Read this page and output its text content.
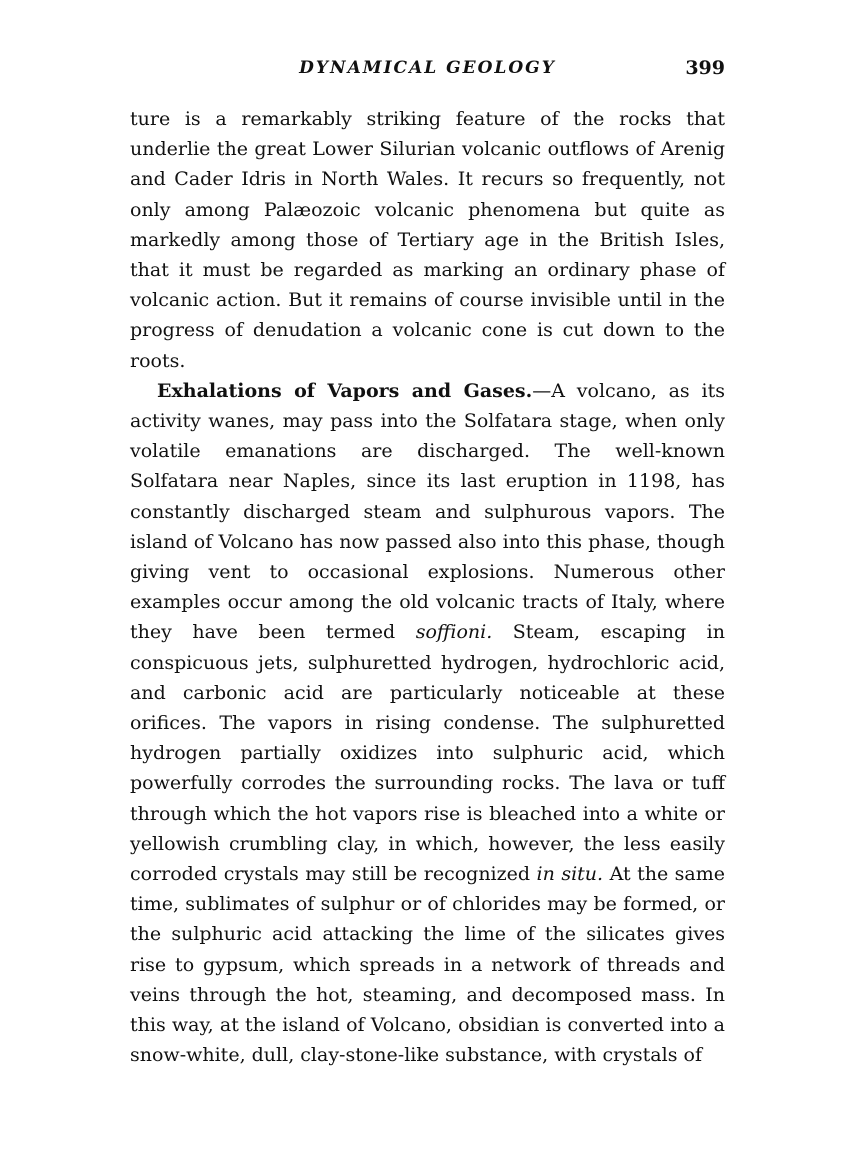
DYNAMICAL GEOLOGY	399

ture is a remarkably striking feature of the rocks that underlie the great Lower Silurian volcanic outflows of Arenig and Cader Idris in North Wales. It recurs so frequently, not only among Palæozoic volcanic phenomena but quite as markedly among those of Tertiary age in the British Isles, that it must be regarded as marking an ordinary phase of volcanic action. But it remains of course invisible until in the progress of denudation a volcanic cone is cut down to the roots.

Exhalations of Vapors and Gases.—A volcano, as its activity wanes, may pass into the Solfatara stage, when only volatile emanations are discharged. The well-known Solfatara near Naples, since its last eruption in 1198, has constantly discharged steam and sulphurous vapors. The island of Volcano has now passed also into this phase, though giving vent to occasional explosions. Numerous other examples occur among the old volcanic tracts of Italy, where they have been termed soffioni. Steam, escaping in conspicuous jets, sulphuretted hydrogen, hydrochloric acid, and carbonic acid are particularly noticeable at these orifices. The vapors in rising condense. The sulphuretted hydrogen partially oxidizes into sulphuric acid, which powerfully corrodes the surrounding rocks. The lava or tuff through which the hot vapors rise is bleached into a white or yellowish crumbling clay, in which, however, the less easily corroded crystals may still be recognized in situ. At the same time, sublimates of sulphur or of chlorides may be formed, or the sulphuric acid attacking the lime of the silicates gives rise to gypsum, which spreads in a network of threads and veins through the hot, steaming, and decomposed mass. In this way, at the island of Volcano, obsidian is converted into a snow-white, dull, clay-stone-like substance, with crystals of
